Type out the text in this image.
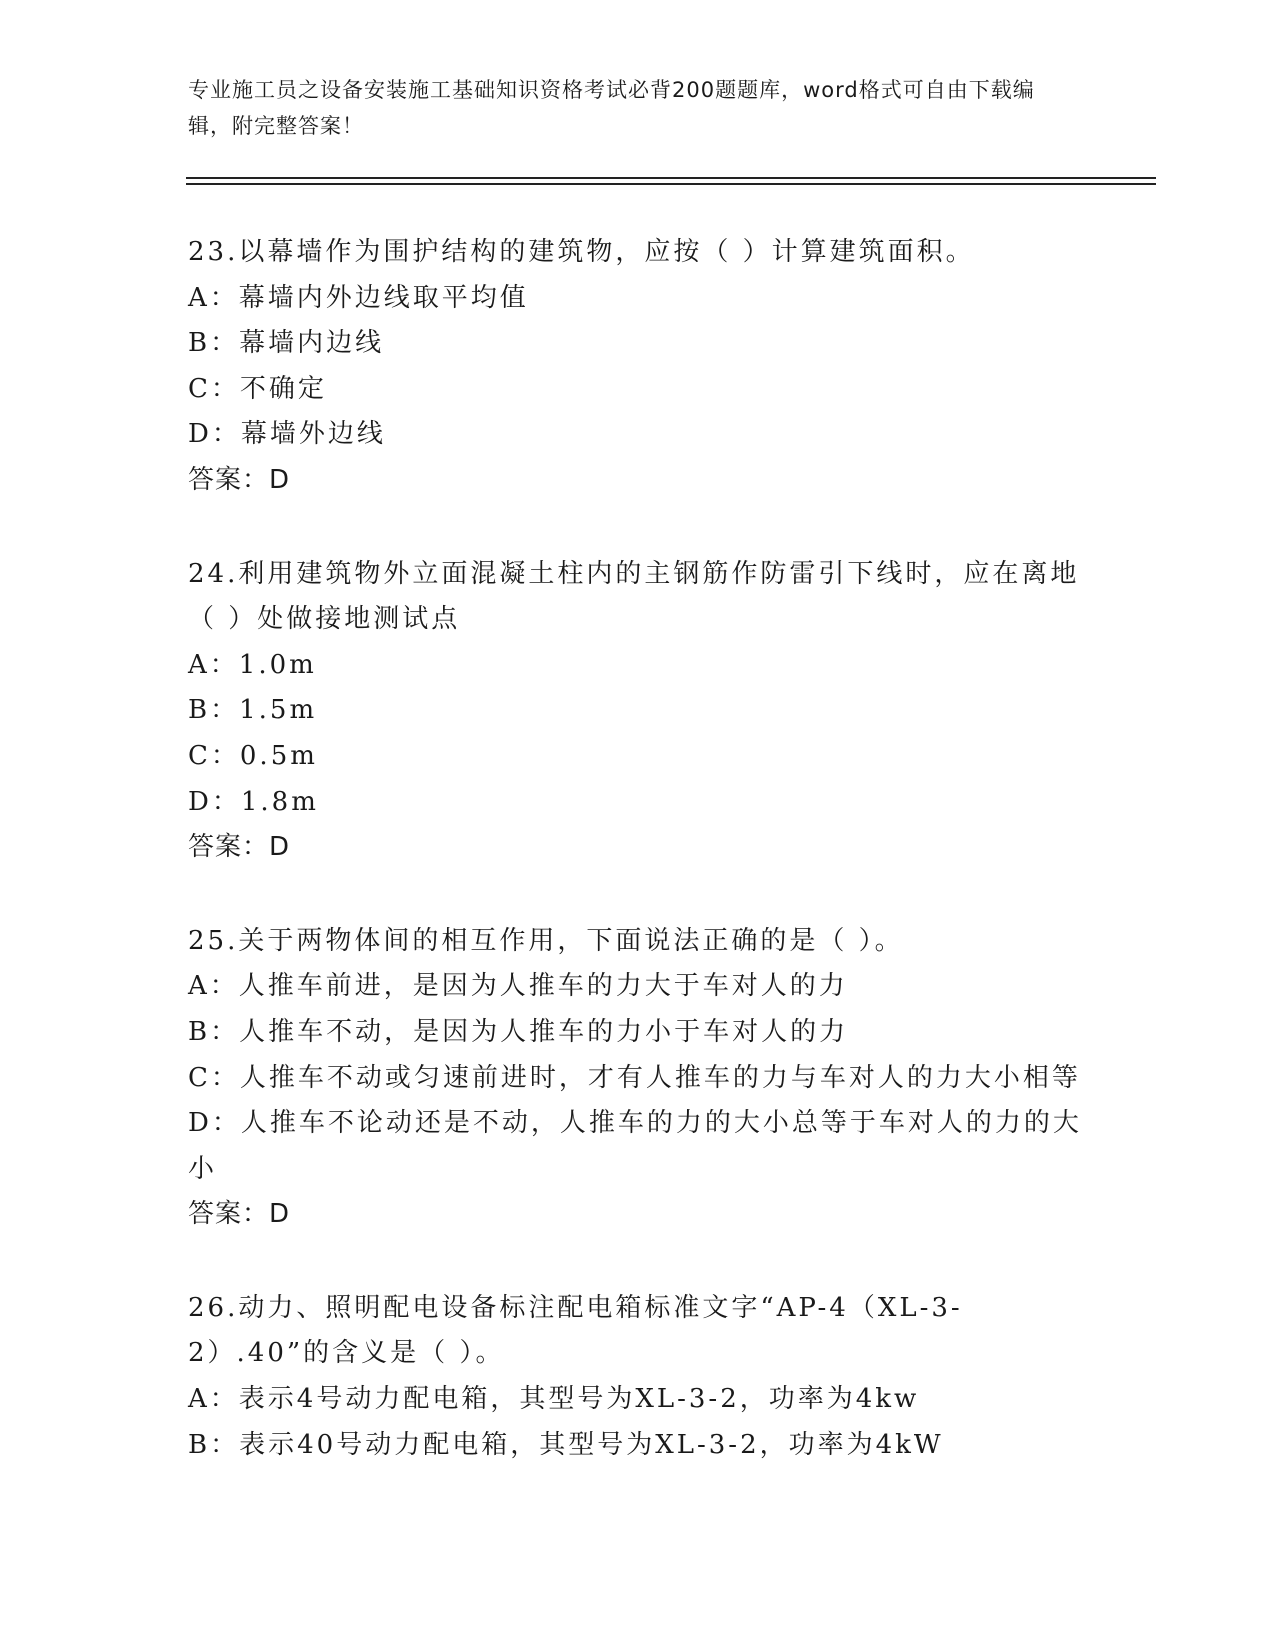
专业施工员之设备安装施工基础知识资格考试必背200题题库，word格式可自由下载编辑，附完整答案！

23.以幕墙作为围护结构的建筑物，应按（ ）计算建筑面积。

A：幕墙内外边线取平均值

B：幕墙内边线

C：不确定

D：幕墙外边线

答案：D

24.利用建筑物外立面混凝土柱内的主钢筋作防雷引下线时，应在离地（ ）处做接地测试点

A：1.0m

B：1.5m

C：0.5m

D：1.8m

答案：D

25.关于两物体间的相互作用，下面说法正确的是（ ）。

A：人推车前进，是因为人推车的力大于车对人的力

B：人推车不动，是因为人推车的力小于车对人的力

C：人推车不动或匀速前进时，才有人推车的力与车对人的力大小相等

D：人推车不论动还是不动，人推车的力的大小总等于车对人的力的大小

答案：D

26.动力、照明配电设备标注配电箱标准文字“AP-4（XL-3-2）.40”的含义是（ ）。

A：表示4号动力配电箱，其型号为XL-3-2，功率为4kw

B：表示40号动力配电箱，其型号为XL-3-2，功率为4kW
